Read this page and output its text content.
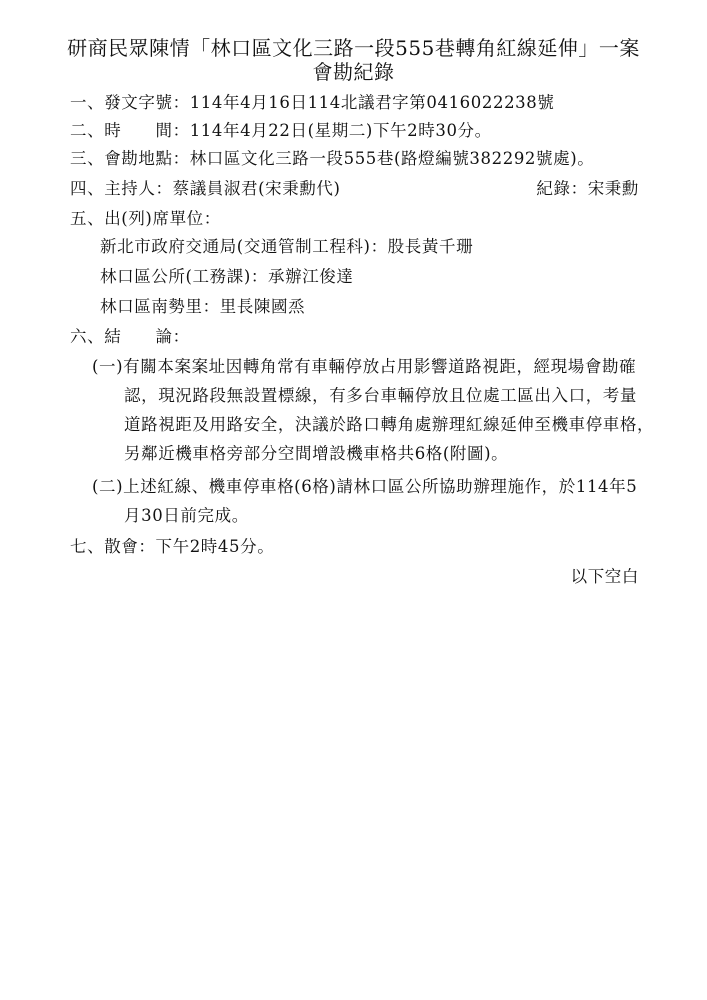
研商民眾陳情「林口區文化三路一段555巷轉角紅線延伸」一案
會勘紀錄
一、發文字號：114年4月16日114北議君字第0416022238號
二、時　　間：114年4月22日(星期二)下午2時30分。
三、會勘地點：林口區文化三路一段555巷(路燈編號382292號處)。
四、主持人：蔡議員淑君(宋秉勳代)	紀錄：宋秉勳
五、出(列)席單位：
新北市政府交通局(交通管制工程科)：股長黃千珊
林口區公所(工務課)：承辦江俊達
林口區南勢里：里長陳國烝
六、結　　論：
(一)有關本案案址因轉角常有車輛停放占用影響道路視距，經現場會勘確
認，現況路段無設置標線，有多台車輛停放且位處工區出入口，考量
道路視距及用路安全，決議於路口轉角處辦理紅線延伸至機車停車格，
另鄰近機車格旁部分空間增設機車格共6格(附圖)。
(二)上述紅線、機車停車格(6格)請林口區公所協助辦理施作，於114年5
月30日前完成。
七、散會：下午2時45分。
以下空白
